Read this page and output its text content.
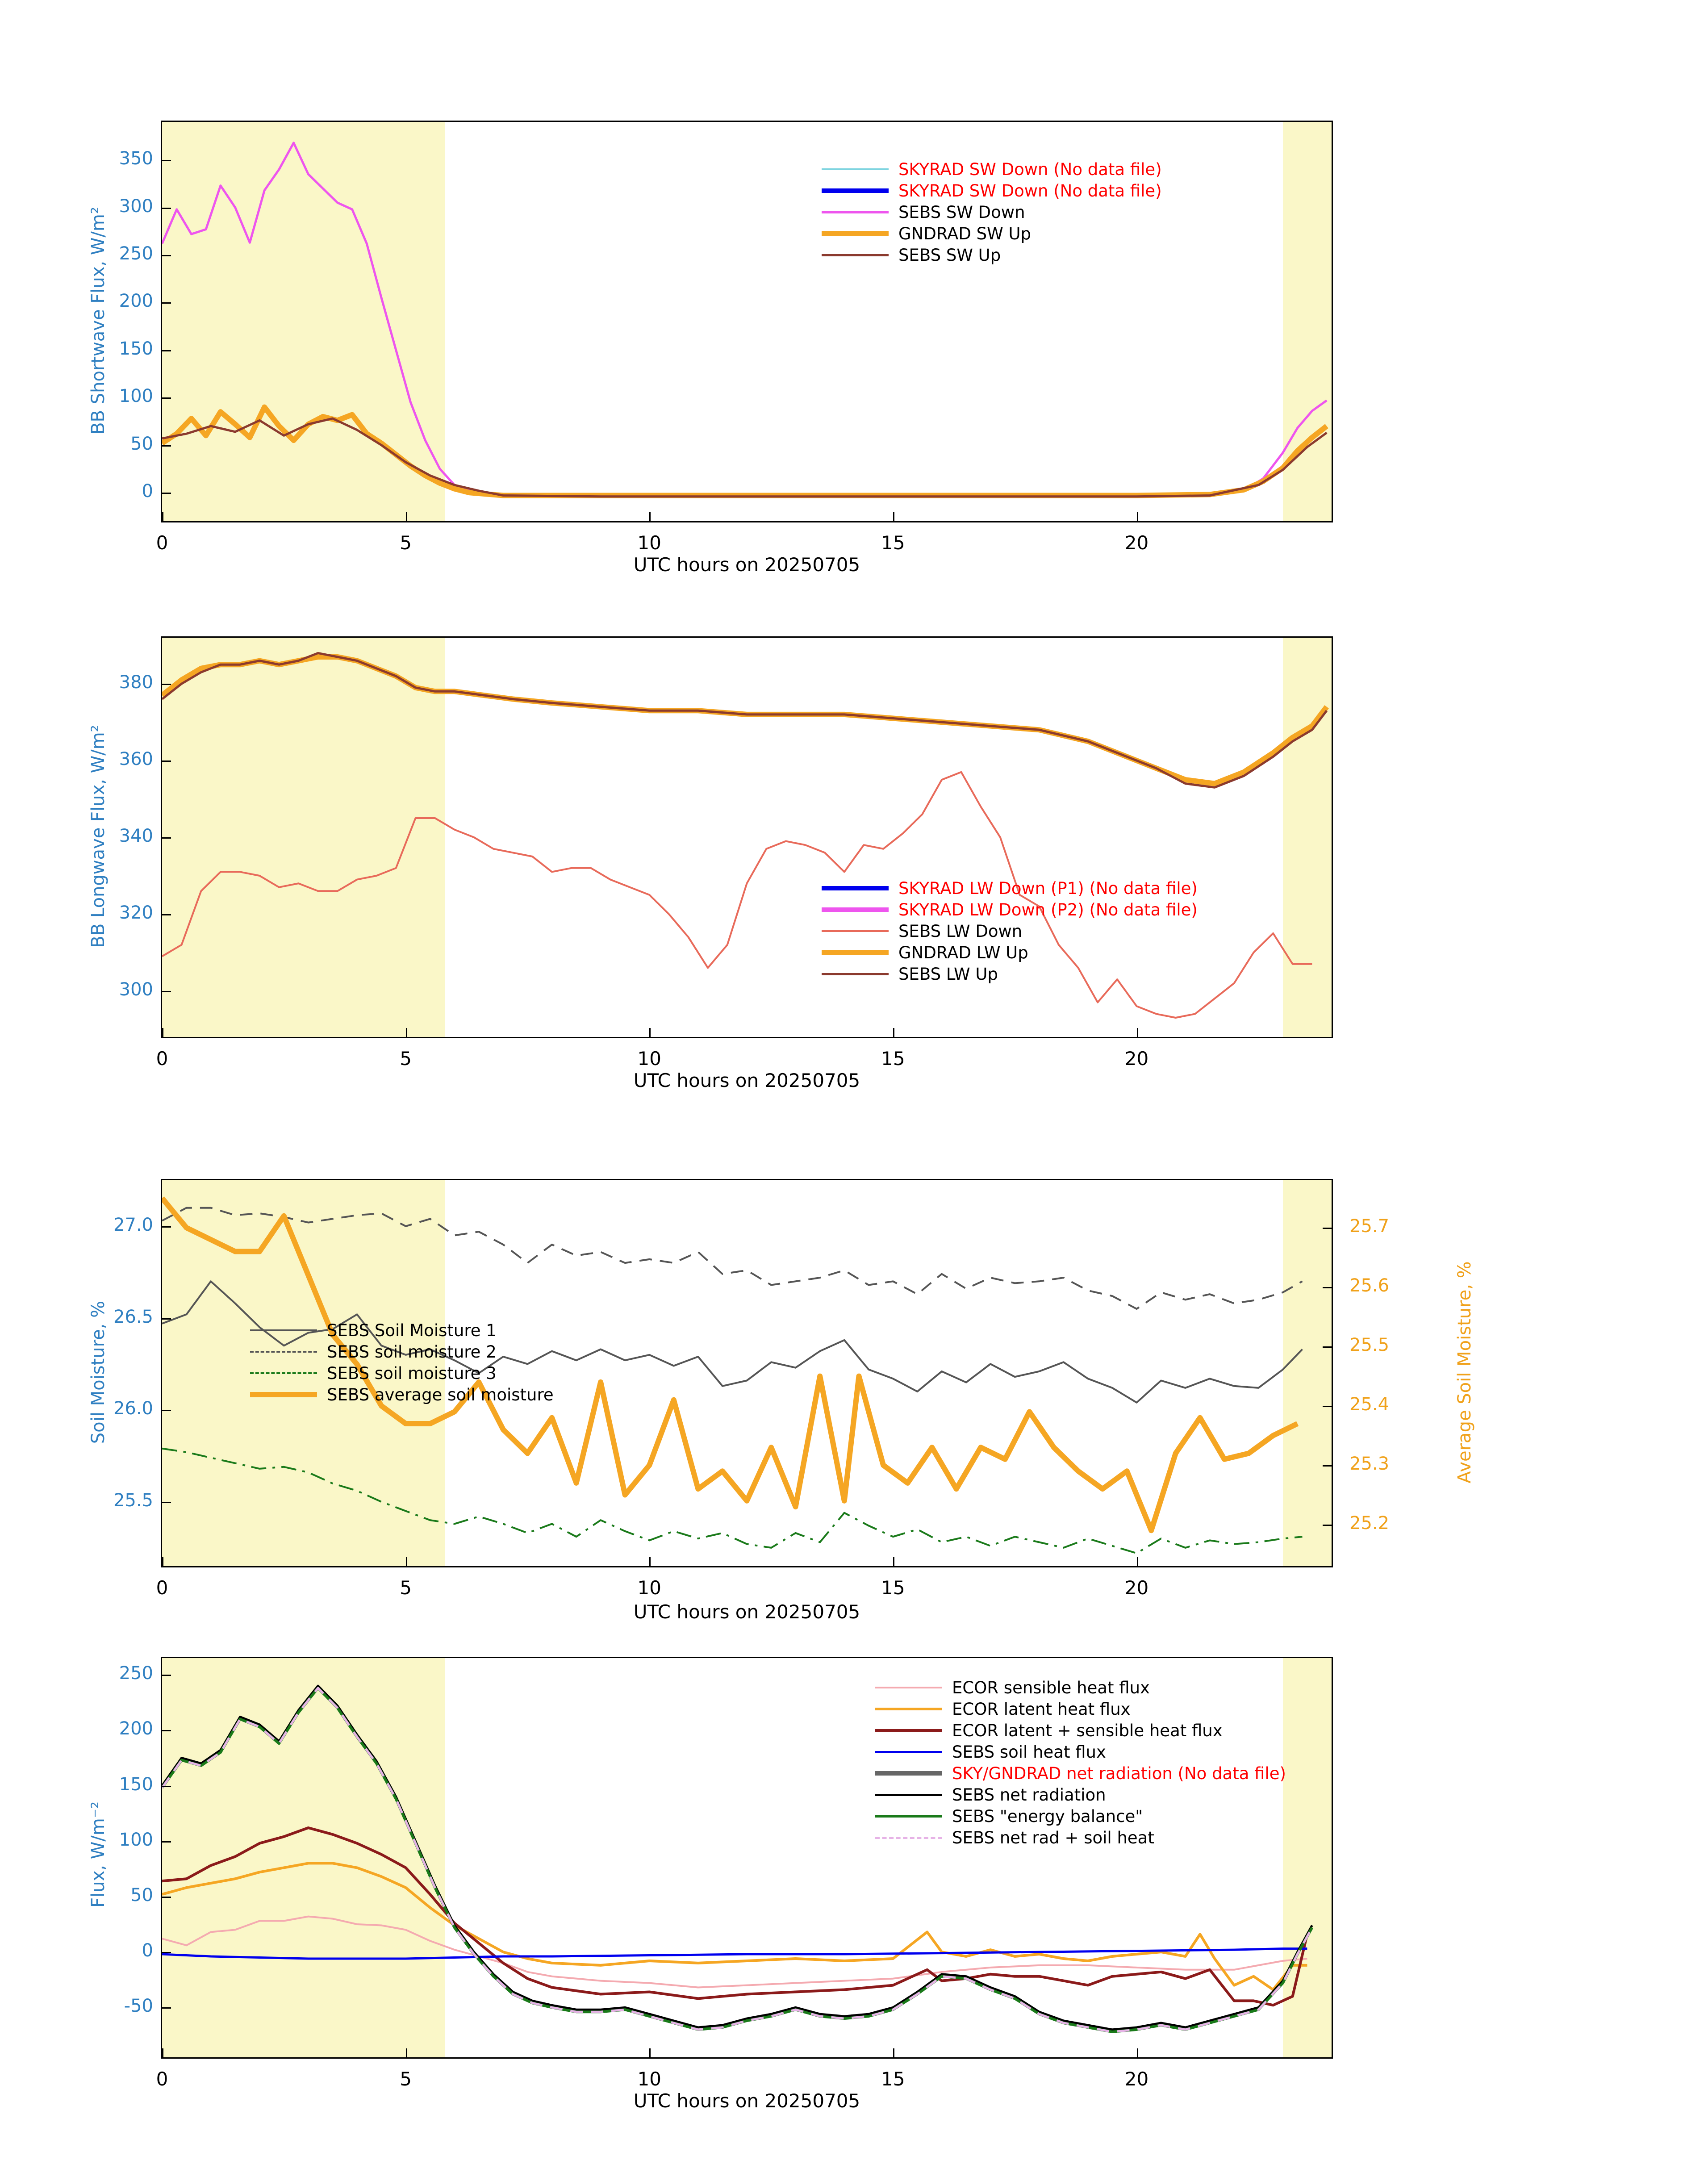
BB Shortwave Flux, W/m²
UTC hours on 20250705
SKYRAD SW Down (No data file)
SKYRAD SW Down (No data file)
SEBS SW Down
GNDRAD SW Up
SEBS SW Up
0
50
100
150
200
250
300
350
0	5	10	15	20
BB Longwave Flux, W/m²
UTC hours on 20250705
SKYRAD LW Down (P1) (No data file)
SKYRAD LW Down (P2) (No data file)
SEBS LW Down
GNDRAD LW Up
SEBS LW Up
300
320
340
360
380
0	5	10	15	20
Soil Moisture, %	Average Soil Moisture, %
UTC hours on 20250705
SEBS Soil Moisture 1
SEBS soil moisture 2
SEBS soil moisture 3
SEBS average soil moisture
25.5
26.0
26.5
27.0
25.2
25.3
25.4
25.5
25.6
25.7
0	5	10	15	20
Flux, W/m⁻²
UTC hours on 20250705
ECOR sensible heat flux
ECOR latent heat flux
ECOR latent + sensible heat flux
SEBS soil heat flux
SKY/GNDRAD net radiation (No data file)
SEBS net radiation
SEBS "energy balance"
SEBS net rad + soil heat
-50
0
50
100
150
200
250
0	5	10	15	20
